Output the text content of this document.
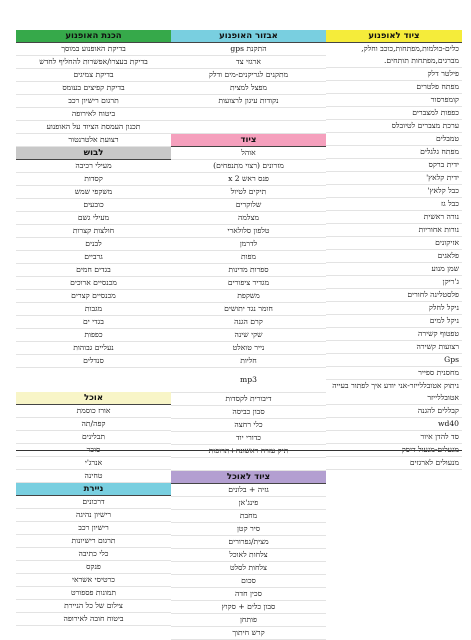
הכנת האופנוע
בדיקת האופנוע במוסך
בדיקת בעצרו/אפשרות להחליף לחדש
בדיקת צמיגים
בדיקת קפיצים בעומס
תרגום רישיון רכב
ביטוח לאירופה
תכנון העמסת הציוד על האופנוע
רצועת אלטרנטור
לבוש
מעילי רכיבה
קסדות
משקפי שמש
כובעים
מעילי גשם
חולצות קצרות
לבנים
גרביים
בגדים חמים
מכנסיים ארוכים
מכנסיים קצרים
מגבות
בגדי ים
כפפות
נעליים גבוהות
סנדלים
אוכל
אורז כוסמת
קפה/תה
תבלינים
אנרג'י
טחינה
ניירת
דרכונים
רישיון נהיגה
רישיון רכב
תרגום רישיונות
כלי כתיבה
פנקס
כרטיסי אשראי
תמונות פספורט
צילום של כל הניירת
ביטוח חובה לאירופה
אבזור האופנוע
התקנת gps
ארגזי צד
מתקנים לגריקנים-מים ודלק
מפצל למצית
נקודות עיגון לרצועות
ציוד
אוהל
מזרונים (רצוי מתנפחים)
פנס ראש 2 x
תיקים לטיול
שלוקרים
מצלמה
טלפון סלולארי
לדרמן
מפות
ספרות מדינות
מגדיר ציפורים
משקפת
חומר נגד יתושים
קרם הגנה
שקי שינה
נייר טואלט
חליות
mp3
דיבורית לקסדות
סבון כביסה
כלי רחצה
כדורי יוד
ציוד לאוכל
גזיה + בלונים
פינג'אן
מחבת
סיר קטן
מצית/גפרורים
צלחות לאוכל
צלחות לסלט
סכום
סכין חדה
סבון כלים + סקוץ
פותחן
קרש חיתוך
ציוד לאופנוע
כלים-כולמות,מפתחות,כוכב וחלק, מברגים,מפתחות תותחים.
פילטר דלק
מפתח פלטרים
קומפרסור
כפפות למצברים
ערכת מצברים לטיובלס
טמבלים
מפתח גלגלים
ידית ברקס
ידית קלאץ'
כבל קלאץ'
כבל גז
נורה ראשית
נורות אחוריות
אזיקונים
פלאגים
שמן מנוע
ג'ריקן
פלסטלינה לחורים
ניקל לחלק
ניקל למים
טפטוף קשירה
רצועות קשירה
Gps
מחסנית ספייר
ניתוק אטובללייזר-אני יודע איך לפתור בעייה אטובללייזר
קבללים להגנה
wd40
סד להדן איור
מנעולים לארגזים
